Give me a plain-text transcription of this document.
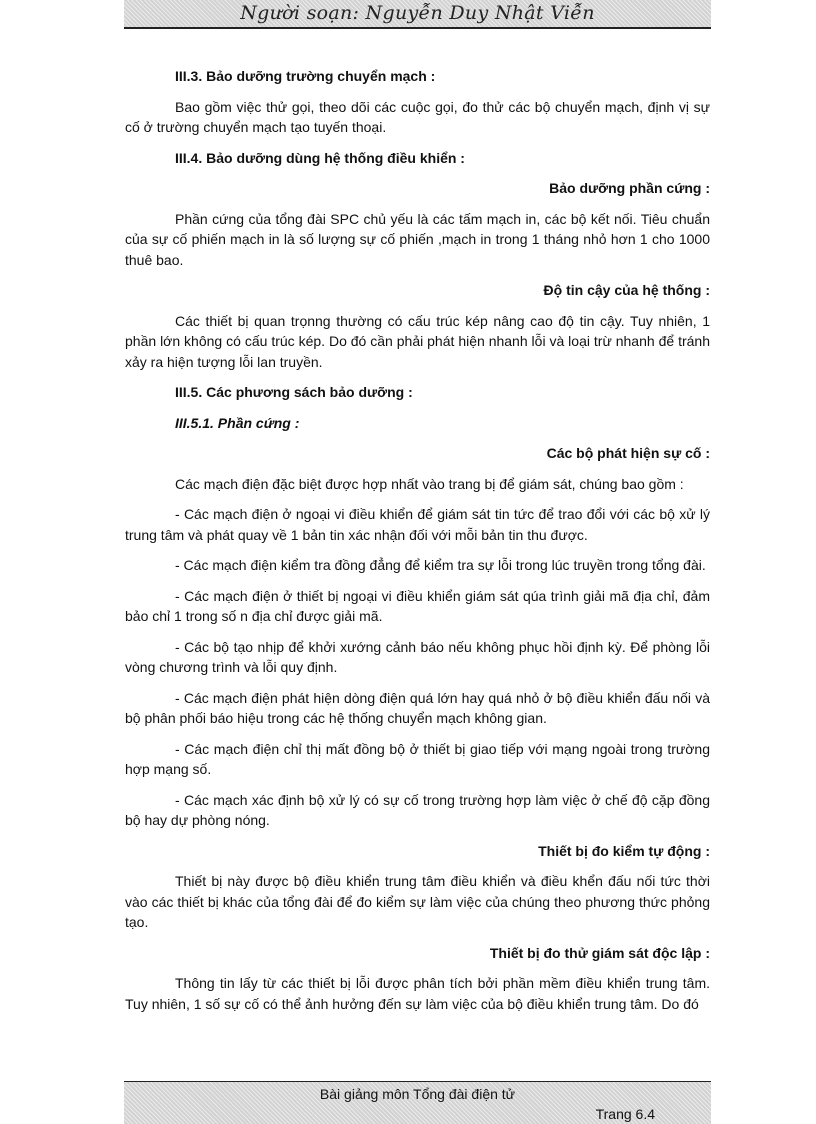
Người soạn: Nguyễn Duy Nhật Viễn
III.3. Bảo dưỡng trường chuyển mạch :

Bao gồm việc thử gọi, theo dõi các cuộc gọi, đo thử các bộ chuyển mạch, định vị sự cố ở trường chuyển mạch tạo tuyến thoại.

III.4. Bảo dưỡng dùng hệ thống điều khiển :
Bảo dưỡng phần cứng :

Phần cứng của tổng đài SPC chủ yếu là các tấm mạch in, các bộ kết nối. Tiêu chuẩn của sự cố phiến mạch in là số lượng sự cố phiến ,mạch in trong 1 tháng nhỏ hơn 1 cho 1000 thuê bao.

Độ tin cậy của hệ thống :

Các thiết bị quan trọnng thường có cấu trúc kép nâng cao độ tin cậy. Tuy nhiên, 1 phần lớn không có cấu trúc kép. Do đó cần phải phát hiện nhanh lỗi và loại trừ nhanh để tránh xảy ra hiện tượng lỗi lan truyền.

III.5. Các phương sách bảo dưỡng :
III.5.1. Phần cứng :
Các bộ phát hiện sự cố :

Các mạch điện đặc biệt được hợp nhất vào trang bị để giám sát, chúng bao gồm :

- Các mạch điện ở ngoại vi điều khiển để giám sát tin tức để trao đổi với các bộ xử lý trung tâm và phát quay về 1 bản tin xác nhận đối với mỗi bản tin thu được.

- Các mạch điện kiểm tra đồng đẳng để kiểm tra sự lỗi trong lúc truyền trong tổng đài.

- Các mạch điện ở thiết bị ngoại vi điều khiển giám sát qúa trình giải mã địa chỉ, đảm bảo chỉ 1 trong số n địa chỉ được giải mã.

- Các bộ tạo nhịp để khởi xướng cảnh báo nếu không phục hồi định kỳ. Để phòng lỗi vòng chương trình và lỗi quy định.

- Các mạch điện phát hiện dòng điện quá lớn hay quá nhỏ ở bộ điều khiển đấu nối và bộ phân phối báo hiệu trong các hệ thống chuyển mạch không gian.

- Các mạch điện chỉ thị mất đồng bộ ở thiết bị giao tiếp với mạng ngoài trong trường hợp mạng số.

- Các mạch xác định bộ xử lý có sự cố trong trường hợp làm việc ở chế độ cặp đồng bộ hay dự phòng nóng.

Thiết bị đo kiểm tự động :

Thiết bị này được bộ điều khiển trung tâm điều khiển và điều khển đấu nối tức thời vào các thiết bị khác của tổng đài để đo kiểm sự làm việc của chúng theo phương thức phỏng tạo.

Thiết bị đo thử giám sát độc lập :

Thông tin lấy từ các thiết bị lỗi được phân tích bởi phần mềm điều khiển trung tâm. Tuy nhiên, 1 số sự cố có thể ảnh hưởng đến sự làm việc của bộ điều khiển trung tâm. Do đó

Bài giảng môn Tổng đài điện tử
Trang 6.4
